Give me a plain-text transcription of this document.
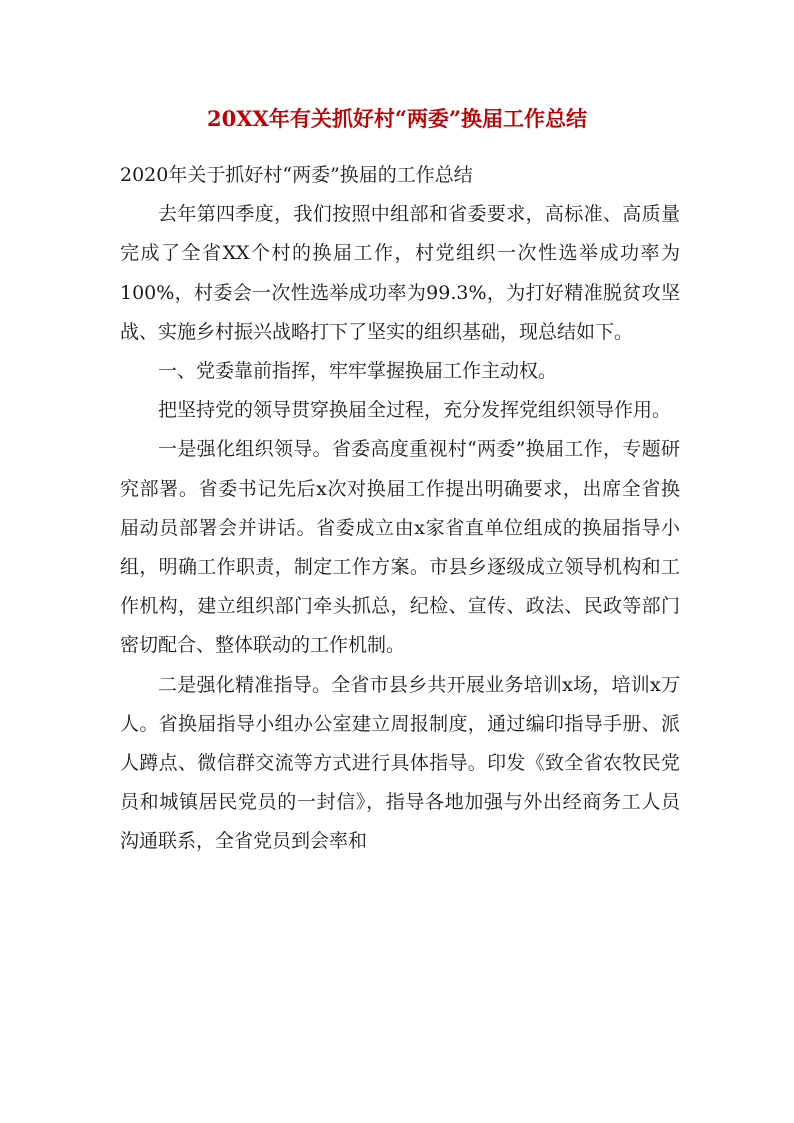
20XX年有关抓好村“两委”换届工作总结

2020年关于抓好村“两委”换届的工作总结

去年第四季度，我们按照中组部和省委要求，高标准、高质量完成了全省XX个村的换届工作，村党组织一次性选举成功率为100%，村委会一次性选举成功率为99.3%，为打好精准脱贫攻坚战、实施乡村振兴战略打下了坚实的组织基础，现总结如下。

一、党委靠前指挥，牢牢掌握换届工作主动权。

把坚持党的领导贯穿换届全过程，充分发挥党组织领导作用。

一是强化组织领导。省委高度重视村“两委”换届工作，专题研究部署。省委书记先后x次对换届工作提出明确要求，出席全省换届动员部署会并讲话。省委成立由x家省直单位组成的换届指导小组，明确工作职责，制定工作方案。市县乡逐级成立领导机构和工作机构，建立组织部门牵头抓总，纪检、宣传、政法、民政等部门密切配合、整体联动的工作机制。

二是强化精准指导。全省市县乡共开展业务培训x场，培训x万人。省换届指导小组办公室建立周报制度，通过编印指导手册、派人蹲点、微信群交流等方式进行具体指导。印发《致全省农牧民党员和城镇居民党员的一封信》，指导各地加强与外出经商务工人员沟通联系，全省党员到会率和
